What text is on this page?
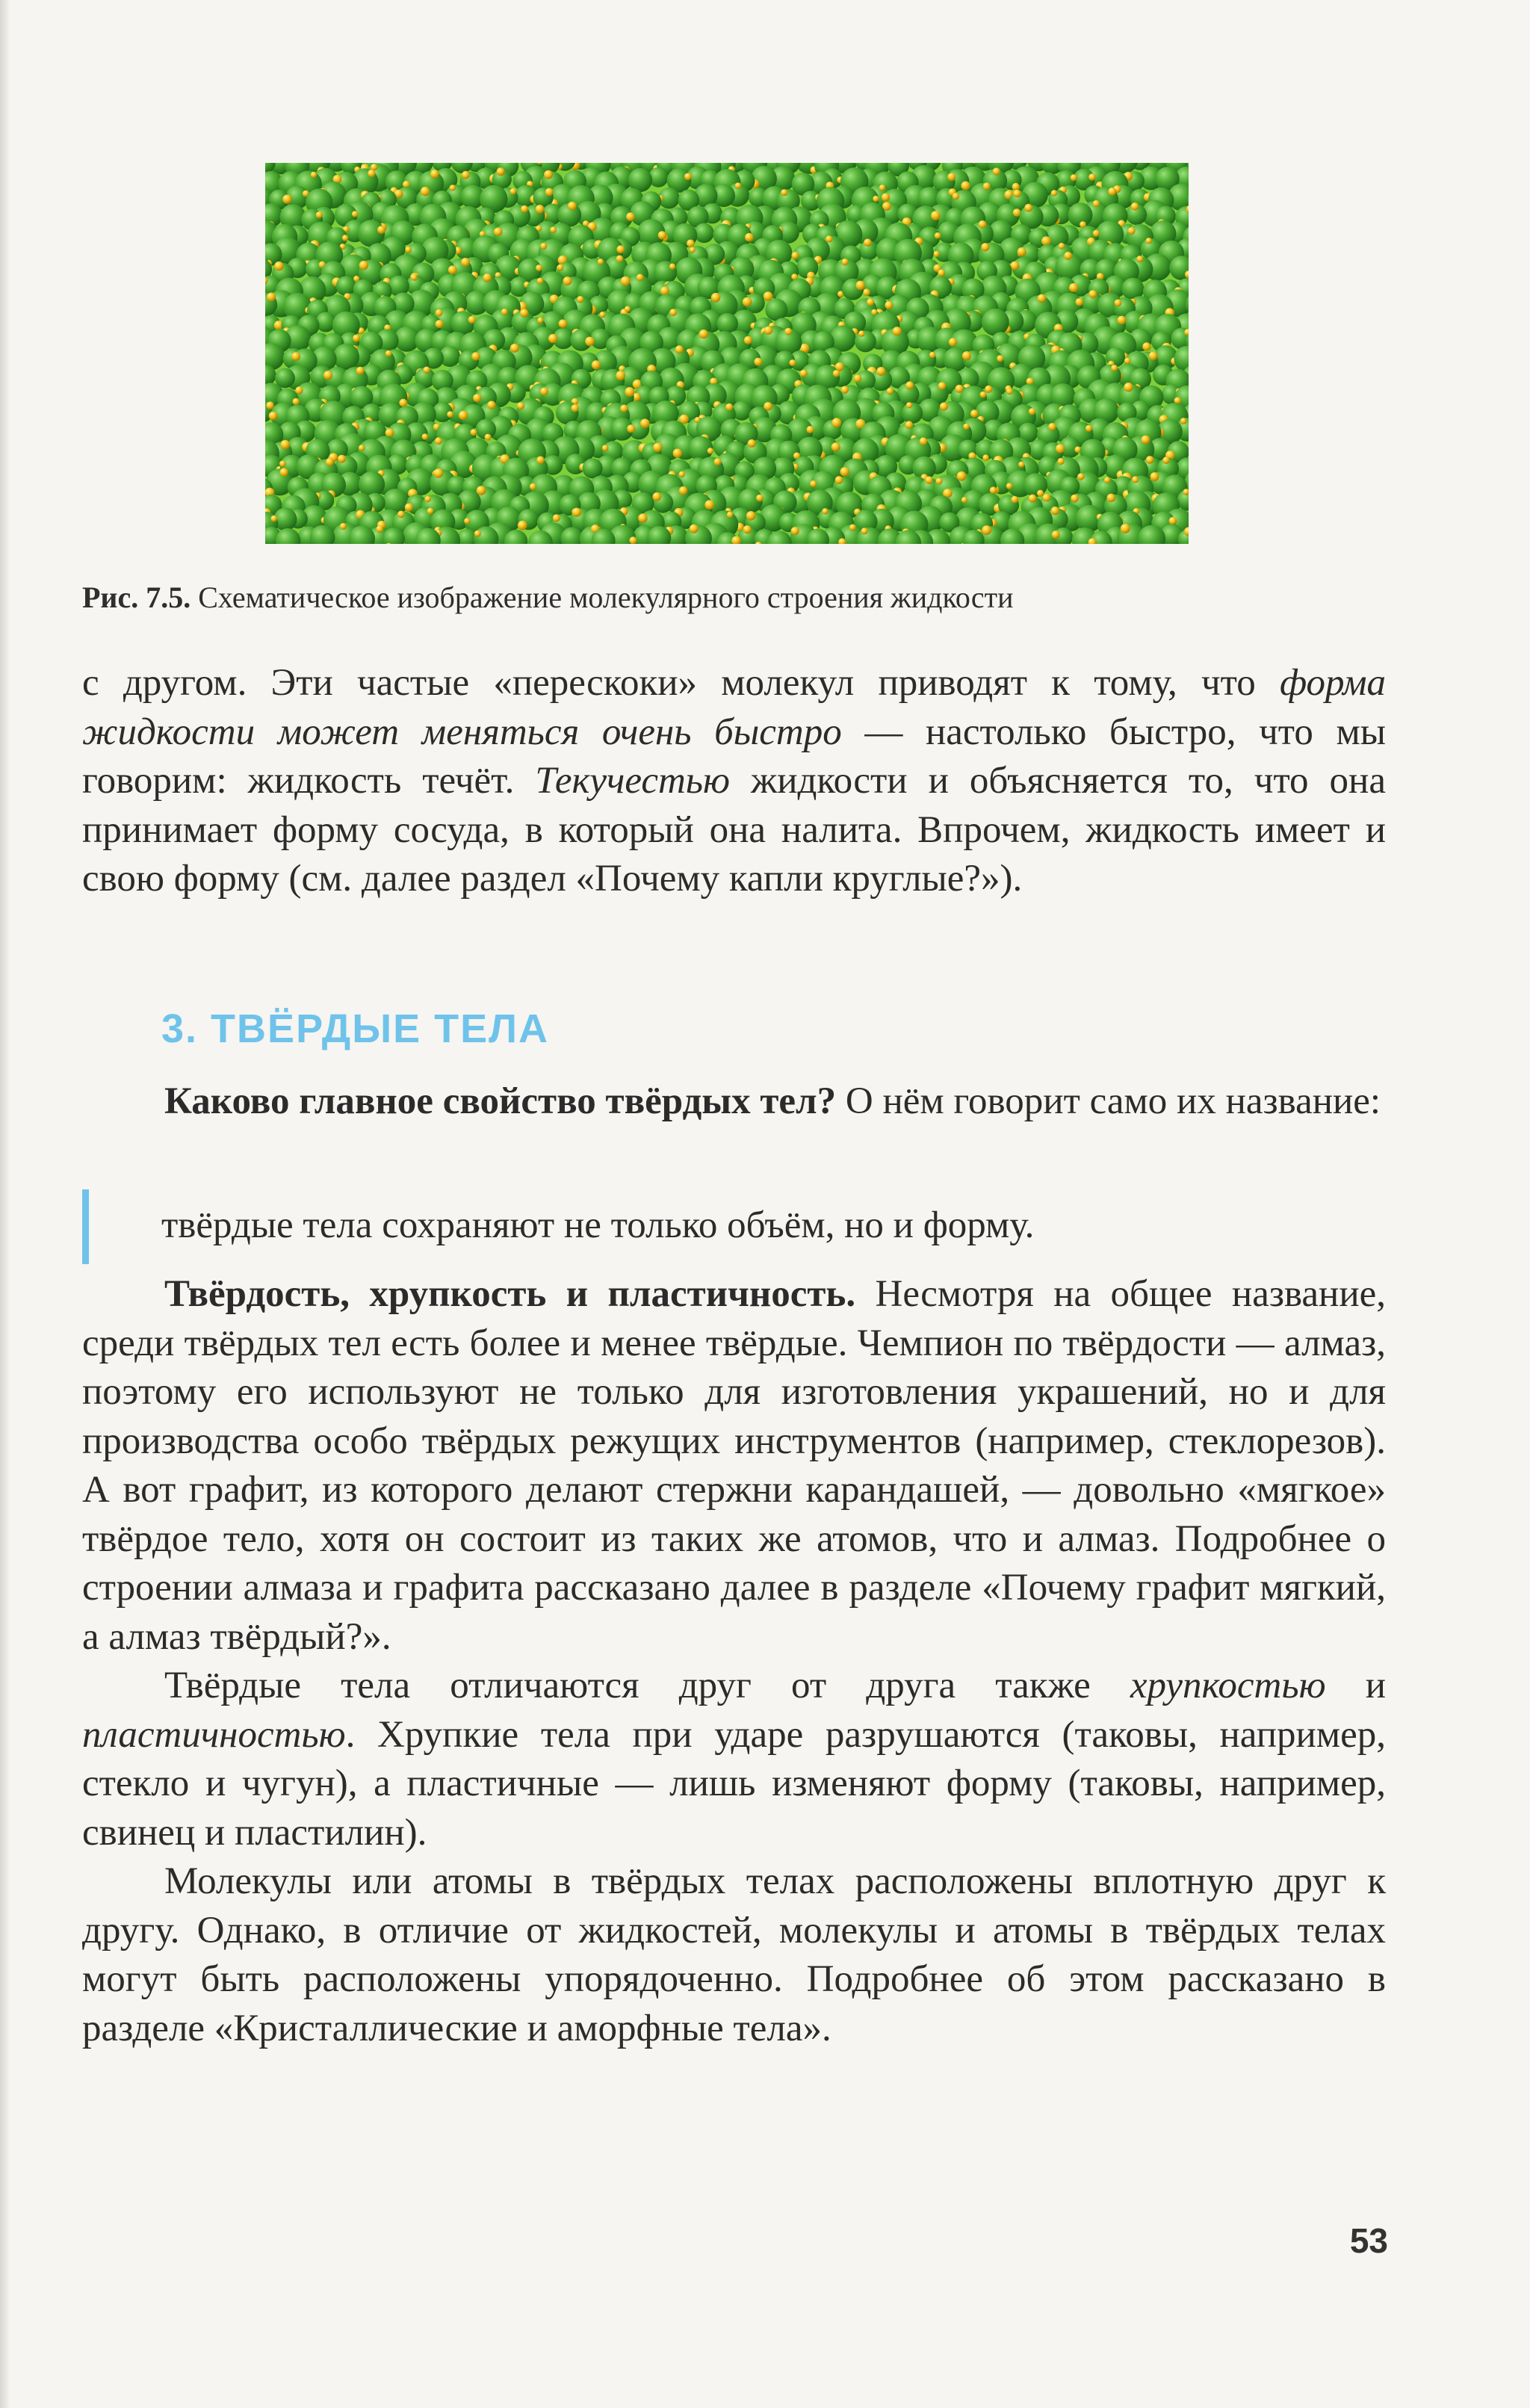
Рис. 7.5. Схематическое изображение молекулярного строения жидкости

с другом. Эти частые «перескоки» молекул приводят к тому, что форма жидкости может меняться очень быстро — настолько быстро, что мы говорим: жидкость течёт. Текучестью жидкости и объясняется то, что она принимает форму сосуда, в который она налита. Впрочем, жидкость имеет и свою форму (см. далее раздел «Почему капли круглые?»).

3. ТВЁРДЫЕ ТЕЛА

Каково главное свойство твёрдых тел? О нём говорит само их название:

твёрдые тела сохраняют не только объём, но и форму.

Твёрдость, хрупкость и пластичность. Несмотря на общее название, среди твёрдых тел есть более и менее твёрдые. Чемпион по твёрдости — алмаз, поэтому его используют не только для изготовления украшений, но и для производства особо твёрдых режущих инструментов (например, стеклорезов). А вот графит, из которого делают стержни карандашей, — довольно «мягкое» твёрдое тело, хотя он состоит из таких же атомов, что и алмаз. Подробнее о строении алмаза и графита рассказано далее в разделе «Почему графит мягкий, а алмаз твёрдый?».

Твёрдые тела отличаются друг от друга также хрупкостью и пластичностью. Хрупкие тела при ударе разрушаются (таковы, например, стекло и чугун), а пластичные — лишь изменяют форму (таковы, например, свинец и пластилин).

Молекулы или атомы в твёрдых телах расположены вплотную друг к другу. Однако, в отличие от жидкостей, молекулы и атомы в твёрдых телах могут быть расположены упорядоченно. Подробнее об этом рассказано в разделе «Кристаллические и аморфные тела».

53
